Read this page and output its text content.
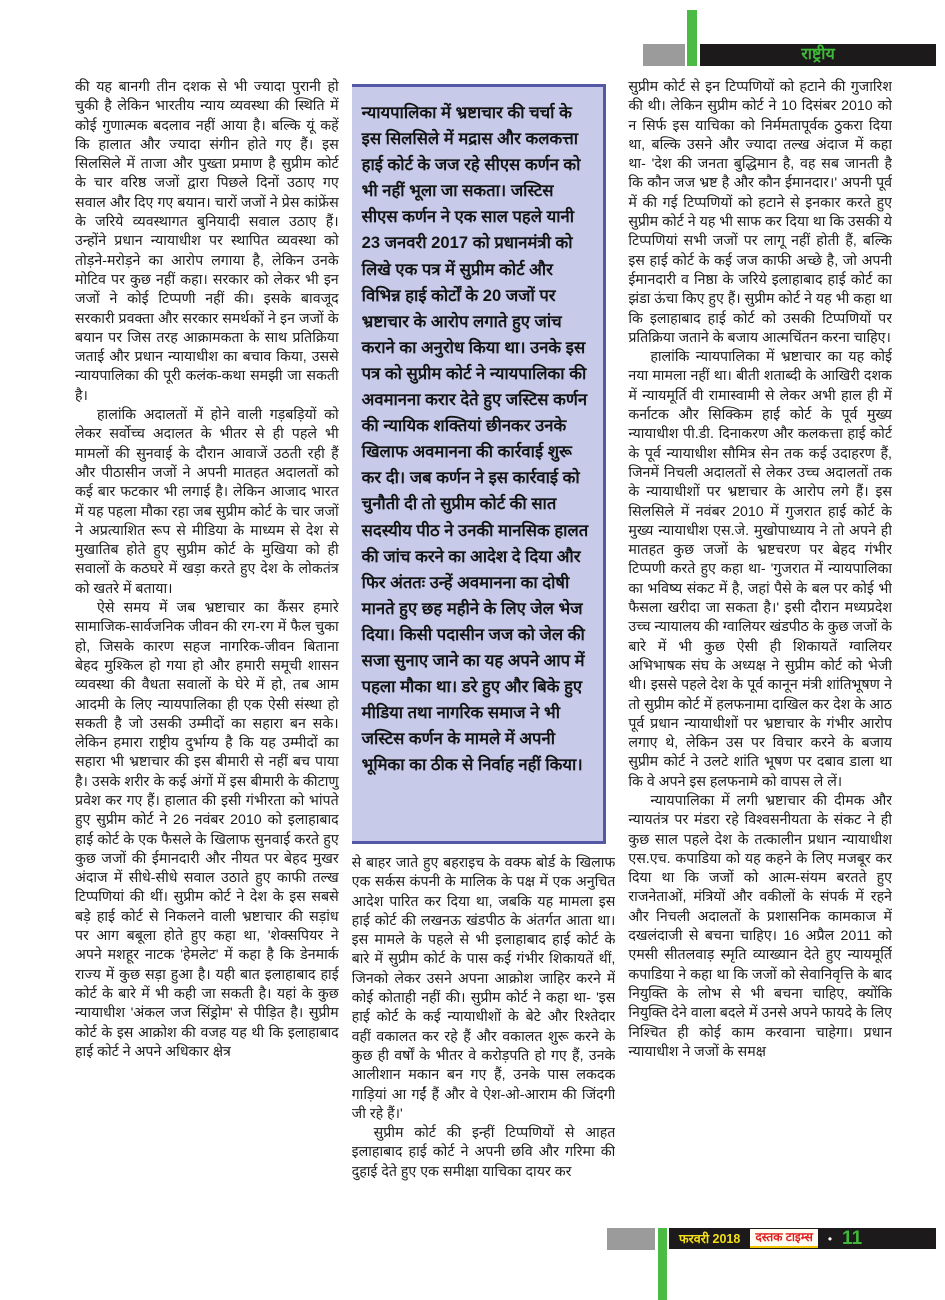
राष्ट्रीय

की यह बानगी तीन दशक से भी ज्यादा पुरानी हो चुकी है लेकिन भारतीय न्याय व्यवस्था की स्थिति में कोई गुणात्मक बदलाव नहीं आया है। बल्कि यूं कहें कि हालात और ज्यादा संगीन होते गए हैं। इस सिलसिले में ताजा और पुख्ता प्रमाण है सुप्रीम कोर्ट के चार वरिष्ठ जजों द्वारा पिछले दिनों उठाए गए सवाल और दिए गए बयान। चारों जजों ने प्रेस कांफ्रेंस के जरिये व्यवस्थागत बुनियादी सवाल उठाए हैं। उन्होंने प्रधान न्यायाधीश पर स्थापित व्यवस्था को तोड़ने-मरोड़ने का आरोप लगाया है, लेकिन उनके मोटिव पर कुछ नहीं कहा। सरकार को लेकर भी इन जजों ने कोई टिप्पणी नहीं की। इसके बावजूद सरकारी प्रवक्ता और सरकार समर्थकों ने इन जजों के बयान पर जिस तरह आक्रामकता के साथ प्रतिक्रिया जताई और प्रधान न्यायाधीश का बचाव किया, उससे न्यायपालिका की पूरी कलंक-कथा समझी जा सकती है।

हालांकि अदालतों में होने वाली गड़बड़ियों को लेकर सर्वोच्च अदालत के भीतर से ही पहले भी मामलों की सुनवाई के दौरान आवाजें उठती रही हैं और पीठासीन जजों ने अपनी मातहत अदालतों को कई बार फटकार भी लगाई है। लेकिन आजाद भारत में यह पहला मौका रहा जब सुप्रीम कोर्ट के चार जजों ने अप्रत्याशित रूप से मीडिया के माध्यम से देश से मुखातिब होते हुए सुप्रीम कोर्ट के मुखिया को ही सवालों के कठघरे में खड़ा करते हुए देश के लोकतंत्र को खतरे में बताया।

ऐसे समय में जब भ्रष्टाचार का कैंसर हमारे सामाजिक-सार्वजनिक जीवन की रग-रग में फैल चुका हो, जिसके कारण सहज नागरिक-जीवन बिताना बेहद मुश्किल हो गया हो और हमारी समूची शासन व्यवस्था की वैधता सवालों के घेरे में हो, तब आम आदमी के लिए न्यायपालिका ही एक ऐसी संस्था हो सकती है जो उसकी उम्मीदों का सहारा बन सके। लेकिन हमारा राष्ट्रीय दुर्भाग्य है कि यह उम्मीदों का सहारा भी भ्रष्टाचार की इस बीमारी से नहीं बच पाया है। उसके शरीर के कई अंगों में इस बीमारी के कीटाणु प्रवेश कर गए हैं। हालात की इसी गंभीरता को भांपते हुए सुप्रीम कोर्ट ने 26 नवंबर 2010 को इलाहाबाद हाई कोर्ट के एक फैसले के खिलाफ सुनवाई करते हुए कुछ जजों की ईमानदारी और नीयत पर बेहद मुखर अंदाज में सीधे-सीधे सवाल उठाते हुए काफी तल्ख टिप्पणियां की थीं। सुप्रीम कोर्ट ने देश के इस सबसे बड़े हाई कोर्ट से निकलने वाली भ्रष्टाचार की सड़ांध पर आग बबूला होते हुए कहा था, 'शेक्सपियर ने अपने मशहूर नाटक 'हेमलेट' में कहा है कि डेनमार्क राज्य में कुछ सड़ा हुआ है। यही बात इलाहाबाद हाई कोर्ट के बारे में भी कही जा सकती है। यहां के कुछ न्यायाधीश 'अंकल जज सिंड्रोम' से पीड़ित है। सुप्रीम कोर्ट के इस आक्रोश की वजह यह थी कि इलाहाबाद हाई कोर्ट ने अपने अधिकार क्षेत्र

न्यायपालिका में भ्रष्टाचार की चर्चा के इस सिलसिले में मद्रास और कलकत्ता हाई कोर्ट के जज रहे सीएस कर्णन को भी नहीं भूला जा सकता। जस्टिस सीएस कर्णन ने एक साल पहले यानी 23 जनवरी 2017 को प्रधानमंत्री को लिखे एक पत्र में सुप्रीम कोर्ट और विभिन्न हाई कोर्टों के 20 जजों पर भ्रष्टाचार के आरोप लगाते हुए जांच कराने का अनुरोध किया था। उनके इस पत्र को सुप्रीम कोर्ट ने न्यायपालिका की अवमानना करार देते हुए जस्टिस कर्णन की न्यायिक शक्तियां छीनकर उनके खिलाफ अवमानना की कार्रवाई शुरू कर दी। जब कर्णन ने इस कार्रवाई को चुनौती दी तो सुप्रीम कोर्ट की सात सदस्यीय पीठ ने उनकी मानसिक हालत की जांच करने का आदेश दे दिया और फिर अंततः उन्हें अवमानना का दोषी मानते हुए छह महीने के लिए जेल भेज दिया। किसी पदासीन जज को जेल की सजा सुनाए जाने का यह अपने आप में पहला मौका था। डरे हुए और बिके हुए मीडिया तथा नागरिक समाज ने भी जस्टिस कर्णन के मामले में अपनी भूमिका का ठीक से निर्वाह नहीं किया।

से बाहर जाते हुए बहराइच के वक्फ बोर्ड के खिलाफ एक सर्कस कंपनी के मालिक के पक्ष में एक अनुचित आदेश पारित कर दिया था, जबकि यह मामला इस हाई कोर्ट की लखनऊ खंडपीठ के अंतर्गत आता था। इस मामले के पहले से भी इलाहाबाद हाई कोर्ट के बारे में सुप्रीम कोर्ट के पास कई गंभीर शिकायतें थीं, जिनको लेकर उसने अपना आक्रोश जाहिर करने में कोई कोताही नहीं की। सुप्रीम कोर्ट ने कहा था- 'इस हाई कोर्ट के कई न्यायाधीशों के बेटे और रिश्तेदार वहीं वकालत कर रहे हैं और वकालत शुरू करने के कुछ ही वर्षों के भीतर वे करोड़पति हो गए हैं, उनके आलीशान मकान बन गए हैं, उनके पास लकदक गाड़ियां आ गईं हैं और वे ऐश-ओ-आराम की जिंदगी जी रहे हैं।'

सुप्रीम कोर्ट की इन्हीं टिप्पणियों से आहत इलाहाबाद हाई कोर्ट ने अपनी छवि और गरिमा की दुहाई देते हुए एक समीक्षा याचिका दायर कर

सुप्रीम कोर्ट से इन टिप्पणियों को हटाने की गुजारिश की थी। लेकिन सुप्रीम कोर्ट ने 10 दिसंबर 2010 को न सिर्फ इस याचिका को निर्ममतापूर्वक ठुकरा दिया था, बल्कि उसने और ज्यादा तल्ख अंदाज में कहा था- 'देश की जनता बुद्धिमान है, वह सब जानती है कि कौन जज भ्रष्ट है और कौन ईमानदार।' अपनी पूर्व में की गई टिप्पणियों को हटाने से इनकार करते हुए सुप्रीम कोर्ट ने यह भी साफ कर दिया था कि उसकी ये टिप्पणियां सभी जजों पर लागू नहीं होती हैं, बल्कि इस हाई कोर्ट के कई जज काफी अच्छे है, जो अपनी ईमानदारी व निष्ठा के जरिये इलाहाबाद हाई कोर्ट का झंडा ऊंचा किए हुए हैं। सुप्रीम कोर्ट ने यह भी कहा था कि इलाहाबाद हाई कोर्ट को उसकी टिप्पणियों पर प्रतिक्रिया जताने के बजाय आत्मचिंतन करना चाहिए।

हालांकि न्यायपालिका में भ्रष्टाचार का यह कोई नया मामला नहीं था। बीती शताब्दी के आखिरी दशक में न्यायमूर्ति वी रामास्वामी से लेकर अभी हाल ही में कर्नाटक और सिक्किम हाई कोर्ट के पूर्व मुख्य न्यायाधीश पी.डी. दिनाकरण और कलकत्ता हाई कोर्ट के पूर्व न्यायाधीश सौमित्र सेन तक कई उदाहरण हैं, जिनमें निचली अदालतों से लेकर उच्च अदालतों तक के न्यायाधीशों पर भ्रष्टाचार के आरोप लगे हैं। इस सिलसिले में नवंबर 2010 में गुजरात हाई कोर्ट के मुख्य न्यायाधीश एस.जे. मुखोपाध्याय ने तो अपने ही मातहत कुछ जजों के भ्रष्टचरण पर बेहद गंभीर टिप्पणी करते हुए कहा था- 'गुजरात में न्यायपालिका का भविष्य संकट में है, जहां पैसे के बल पर कोई भी फैसला खरीदा जा सकता है।' इसी दौरान मध्यप्रदेश उच्च न्यायालय की ग्वालियर खंडपीठ के कुछ जजों के बारे में भी कुछ ऐसी ही शिकायतें ग्वालियर अभिभाषक संघ के अध्यक्ष ने सुप्रीम कोर्ट को भेजी थी। इससे पहले देश के पूर्व कानून मंत्री शांतिभूषण ने तो सुप्रीम कोर्ट में हलफनामा दाखिल कर देश के आठ पूर्व प्रधान न्यायाधीशों पर भ्रष्टाचार के गंभीर आरोप लगाए थे, लेकिन उस पर विचार करने के बजाय सुप्रीम कोर्ट ने उलटे शांति भूषण पर दबाव डाला था कि वे अपने इस हलफनामे को वापस ले लें।

न्यायपालिका में लगी भ्रष्टाचार की दीमक और न्यायतंत्र पर मंडरा रहे विश्वसनीयता के संकट ने ही कुछ साल पहले देश के तत्कालीन प्रधान न्यायाधीश एस.एच. कपाडिया को यह कहने के लिए मजबूर कर दिया था कि जजों को आत्म-संयम बरतते हुए राजनेताओं, मंत्रियों और वकीलों के संपर्क में रहने और निचली अदालतों के प्रशासनिक कामकाज में दखलंदाजी से बचना चाहिए। 16 अप्रैल 2011 को एमसी सीतलवाड़ स्मृति व्याख्यान देते हुए न्यायमूर्ति कपाडिया ने कहा था कि जजों को सेवानिवृत्ति के बाद नियुक्ति के लोभ से भी बचना चाहिए, क्योंकि नियुक्ति देने वाला बदले में उनसे अपने फायदे के लिए निश्चित ही कोई काम करवाना चाहेगा। प्रधान न्यायाधीश ने जजों के समक्ष

फरवरी 2018	दस्तक टाइम्स	• 11
